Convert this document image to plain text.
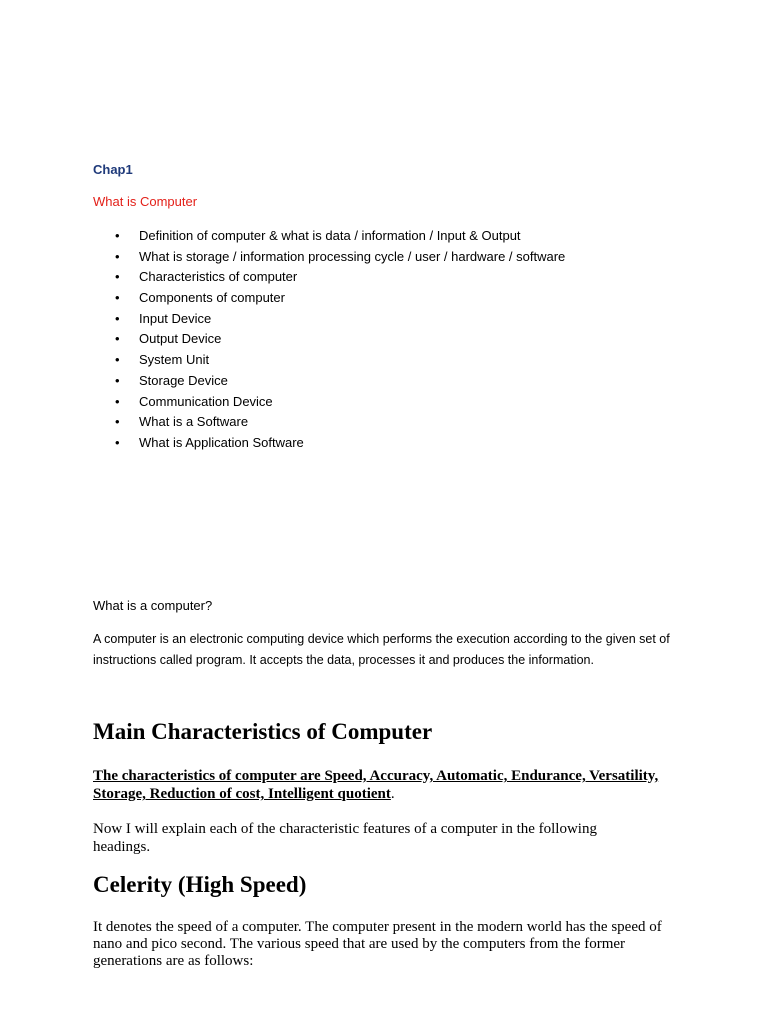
Chap1
What is Computer
• Definition of computer & what is data / information / Input & Output
• What is storage / information processing cycle / user / hardware / software
• Characteristics of computer
• Components of computer
• Input Device
• Output Device
• System Unit
• Storage Device
• Communication Device
• What is a Software
• What is Application Software
What is a computer?
A computer is an electronic computing device which performs the execution according to the given set of instructions called program. It accepts the data, processes it and produces the information.
Main Characteristics of Computer
The characteristics of computer are Speed, Accuracy, Automatic, Endurance, Versatility, Storage, Reduction of cost, Intelligent quotient.
Now I will explain each of the characteristic features of a computer in the following headings.
Celerity (High Speed)
It denotes the speed of a computer. The computer present in the modern world has the speed of nano and pico second. The various speed that are used by the computers from the former generations are as follows:
